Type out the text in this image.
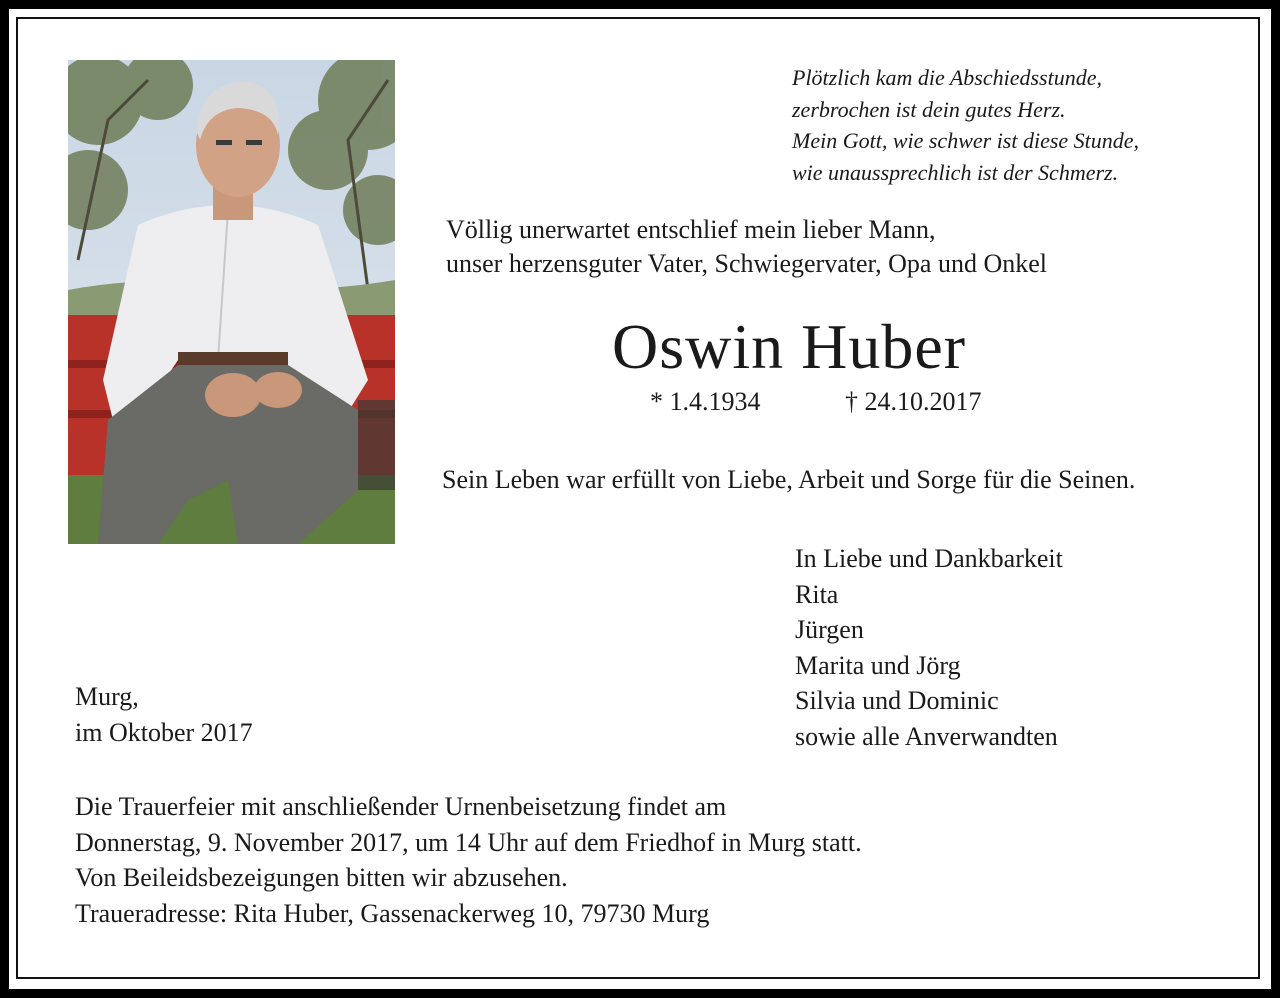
Plötzlich kam die Abschiedsstunde,
zerbrochen ist dein gutes Herz.
Mein Gott, wie schwer ist diese Stunde,
wie unaussprechlich ist der Schmerz.
Völlig unerwartet entschlief mein lieber Mann,
unser herzensguter Vater, Schwiegervater, Opa und Onkel
Oswin Huber
* 1.4.1934	† 24.10.2017
Sein Leben war erfüllt von Liebe, Arbeit und Sorge für die Seinen.
In Liebe und Dankbarkeit
Rita
Jürgen
Marita und Jörg
Silvia und Dominic
sowie alle Anverwandten
Murg,
im Oktober 2017
Die Trauerfeier mit anschließender Urnenbeisetzung findet am
Donnerstag, 9. November 2017, um 14 Uhr auf dem Friedhof in Murg statt.
Von Beileidsbezeigungen bitten wir abzusehen.
Traueradresse: Rita Huber, Gassenackerweg 10, 79730 Murg
